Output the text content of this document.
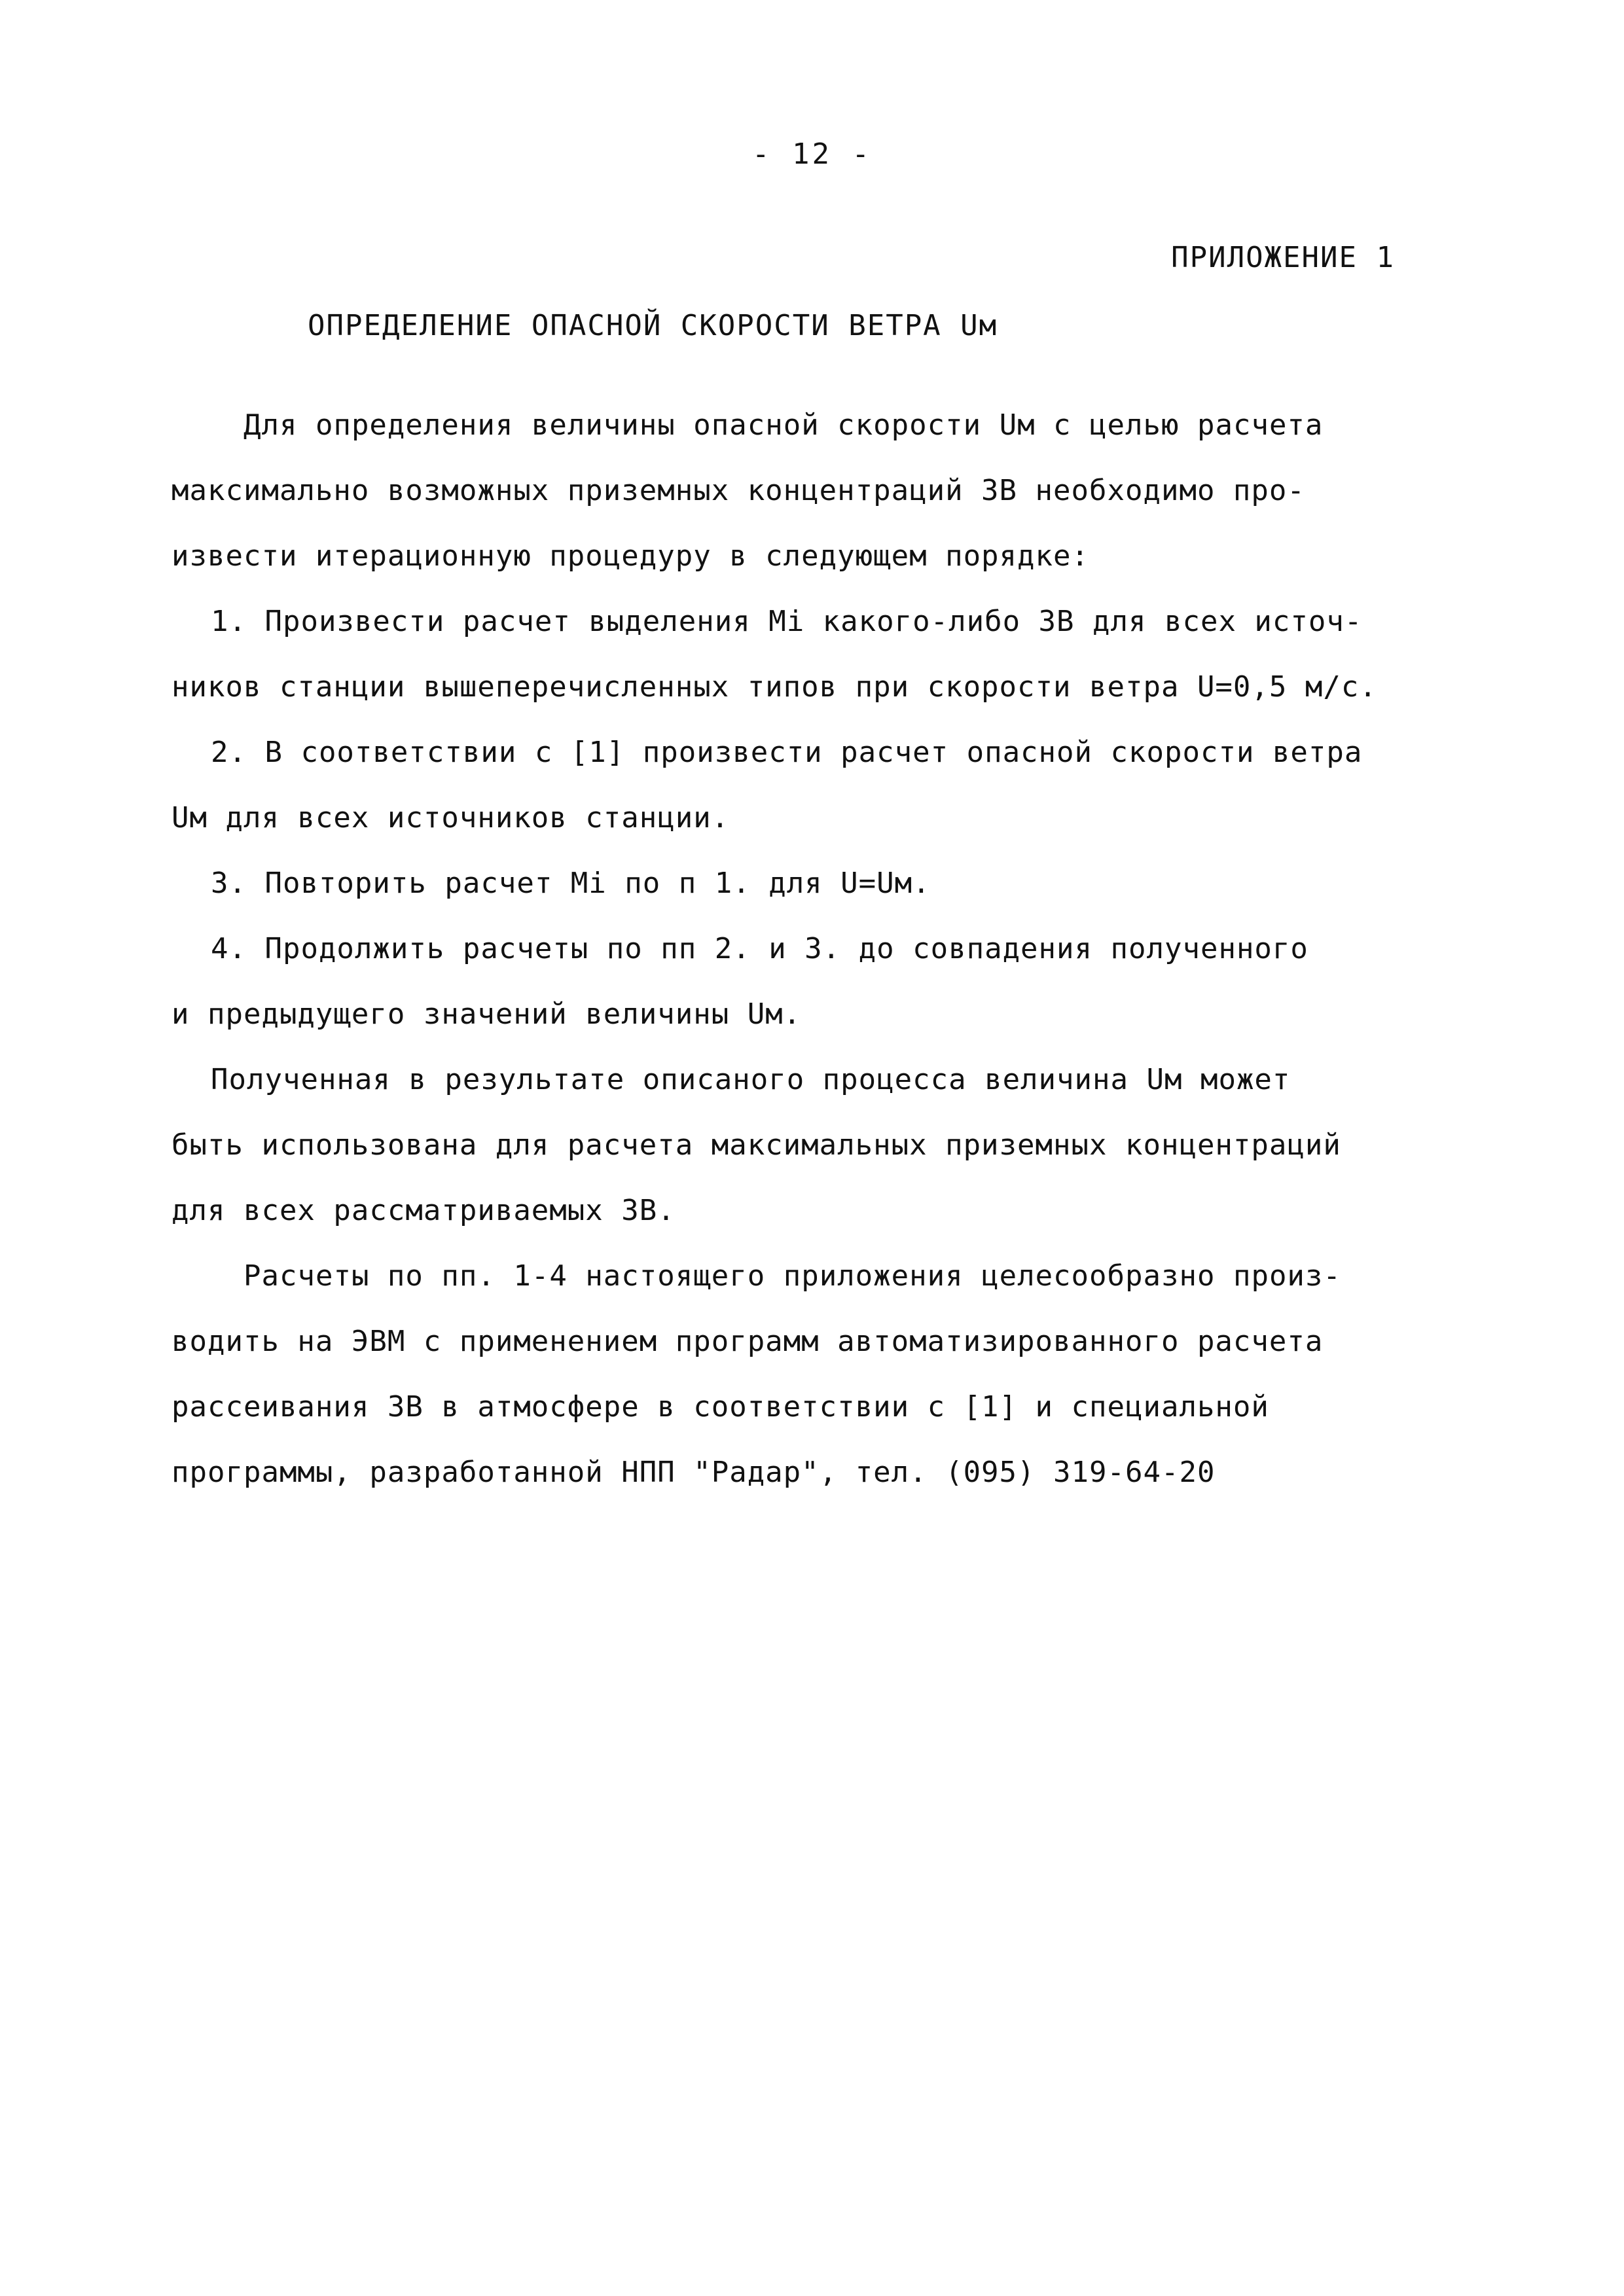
- 12 -
ПРИЛОЖЕНИЕ 1
ОПРЕДЕЛЕНИЕ ОПАСНОЙ СКОРОСТИ ВЕТРА Uм
Для определения величины опасной скорости Uм с целью расчета
максимально возможных приземных концентраций ЗВ необходимо про-
извести итерационную процедуру в следующем порядке:
1. Произвести расчет выделения Мi какого-либо ЗВ для всех источ-
ников станции вышеперечисленных типов при скорости ветра U=0,5 м/с.
2. В соответствии с [1] произвести расчет опасной скорости ветра
Uм для всех источников станции.
3. Повторить расчет Мi по п 1. для U=Uм.
4. Продолжить расчеты по пп 2. и 3. до совпадения полученного
и предыдущего значений величины Uм.
Полученная в результате описаного процесса величина Uм может
быть использована для расчета максимальных приземных концентраций
для всех рассматриваемых ЗВ.
Расчеты по пп. 1-4 настоящего приложения целесообразно произ-
водить на ЭВМ с применением программ автоматизированного расчета
рассеивания ЗВ в атмосфере в соответствии с [1] и специальной
программы, разработанной НПП "Радар", тел. (095) 319-64-20
